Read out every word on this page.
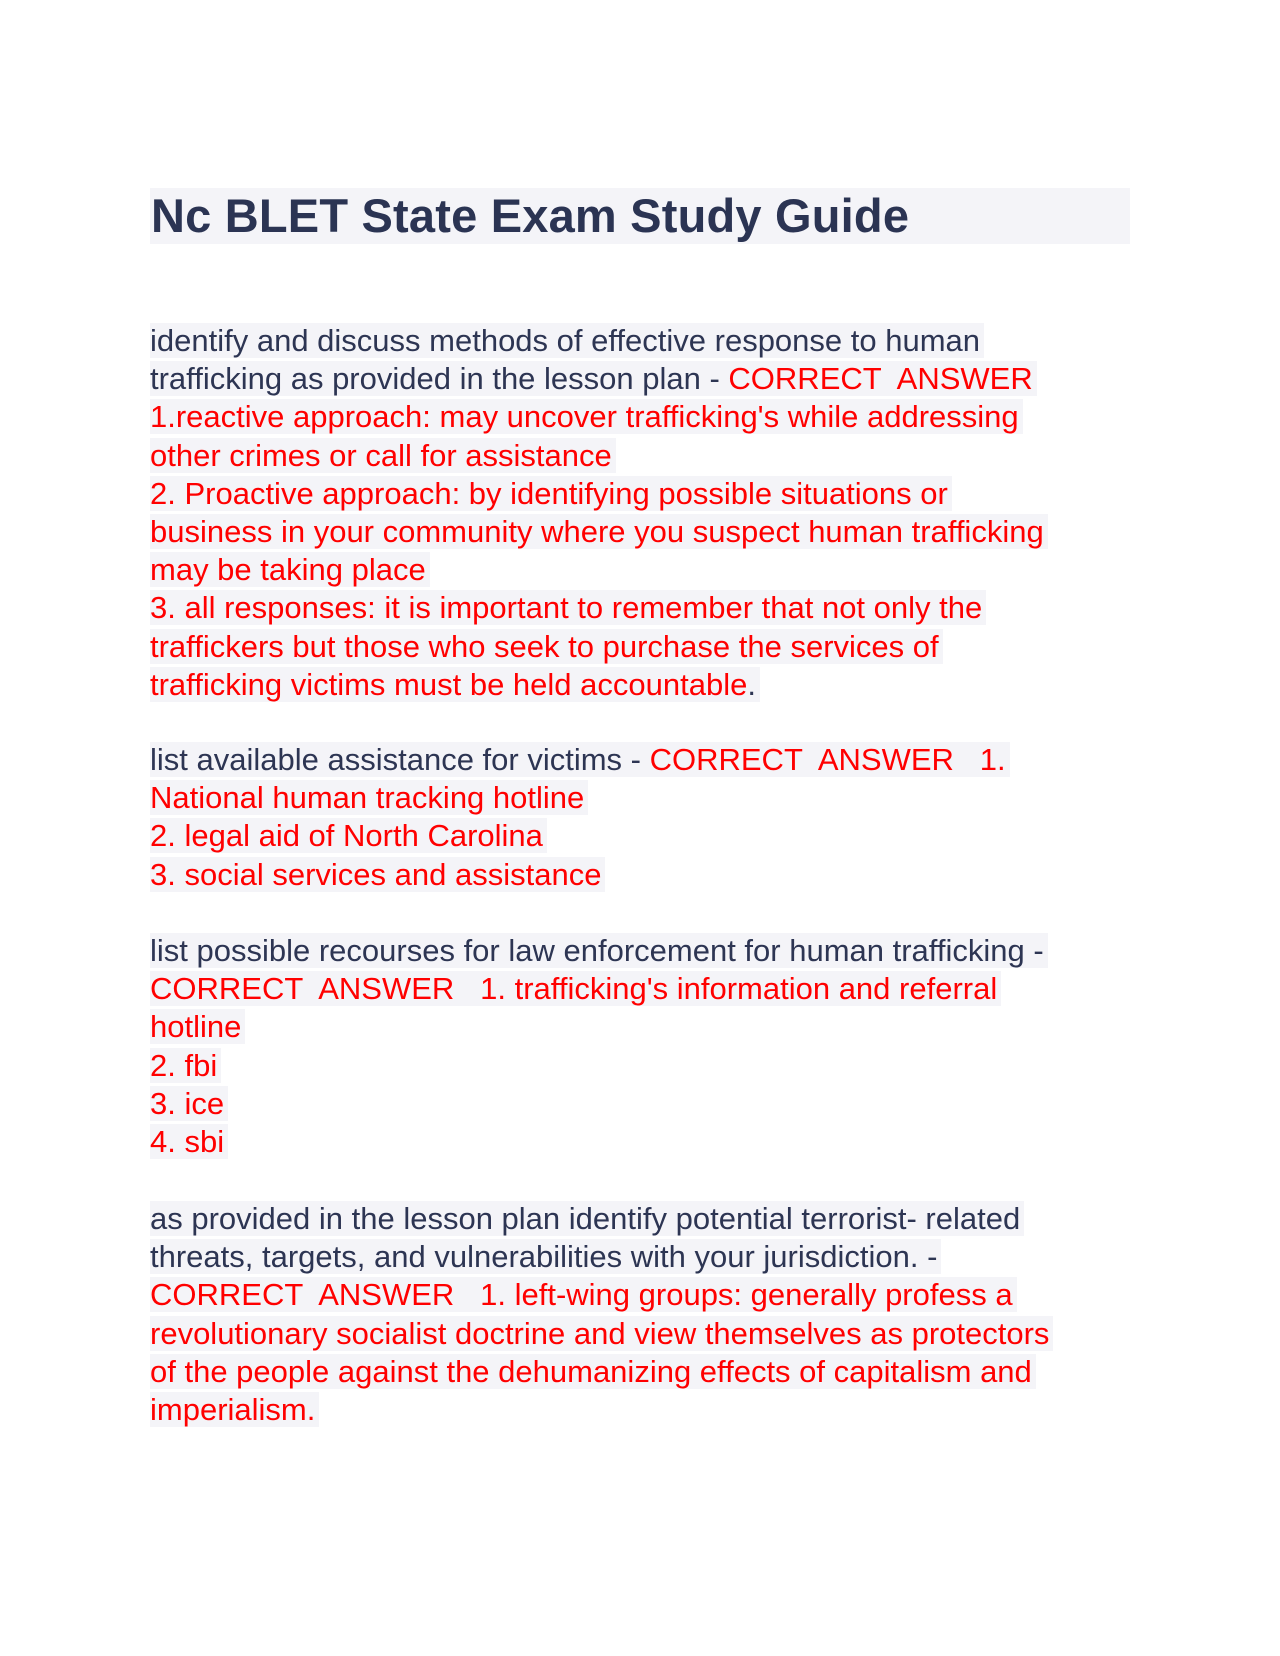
Nc BLET State Exam Study Guide
identify and discuss methods of effective response to human
trafficking as provided in the lesson plan - CORRECT  ANSWER
1.reactive approach: may uncover trafficking's while addressing
other crimes or call for assistance
2. Proactive approach: by identifying possible situations or
business in your community where you suspect human trafficking
may be taking place
3. all responses: it is important to remember that not only the
traffickers but those who seek to purchase the services of
trafficking victims must be held accountable.
list available assistance for victims - CORRECT  ANSWER   1.
National human tracking hotline
2. legal aid of North Carolina
3. social services and assistance
list possible recourses for law enforcement for human trafficking -
CORRECT  ANSWER   1. trafficking's information and referral
hotline
2. fbi
3. ice
4. sbi
as provided in the lesson plan identify potential terrorist- related
threats, targets, and vulnerabilities with your jurisdiction. -
CORRECT  ANSWER   1. left-wing groups: generally profess a
revolutionary socialist doctrine and view themselves as protectors
of the people against the dehumanizing effects of capitalism and
imperialism.
